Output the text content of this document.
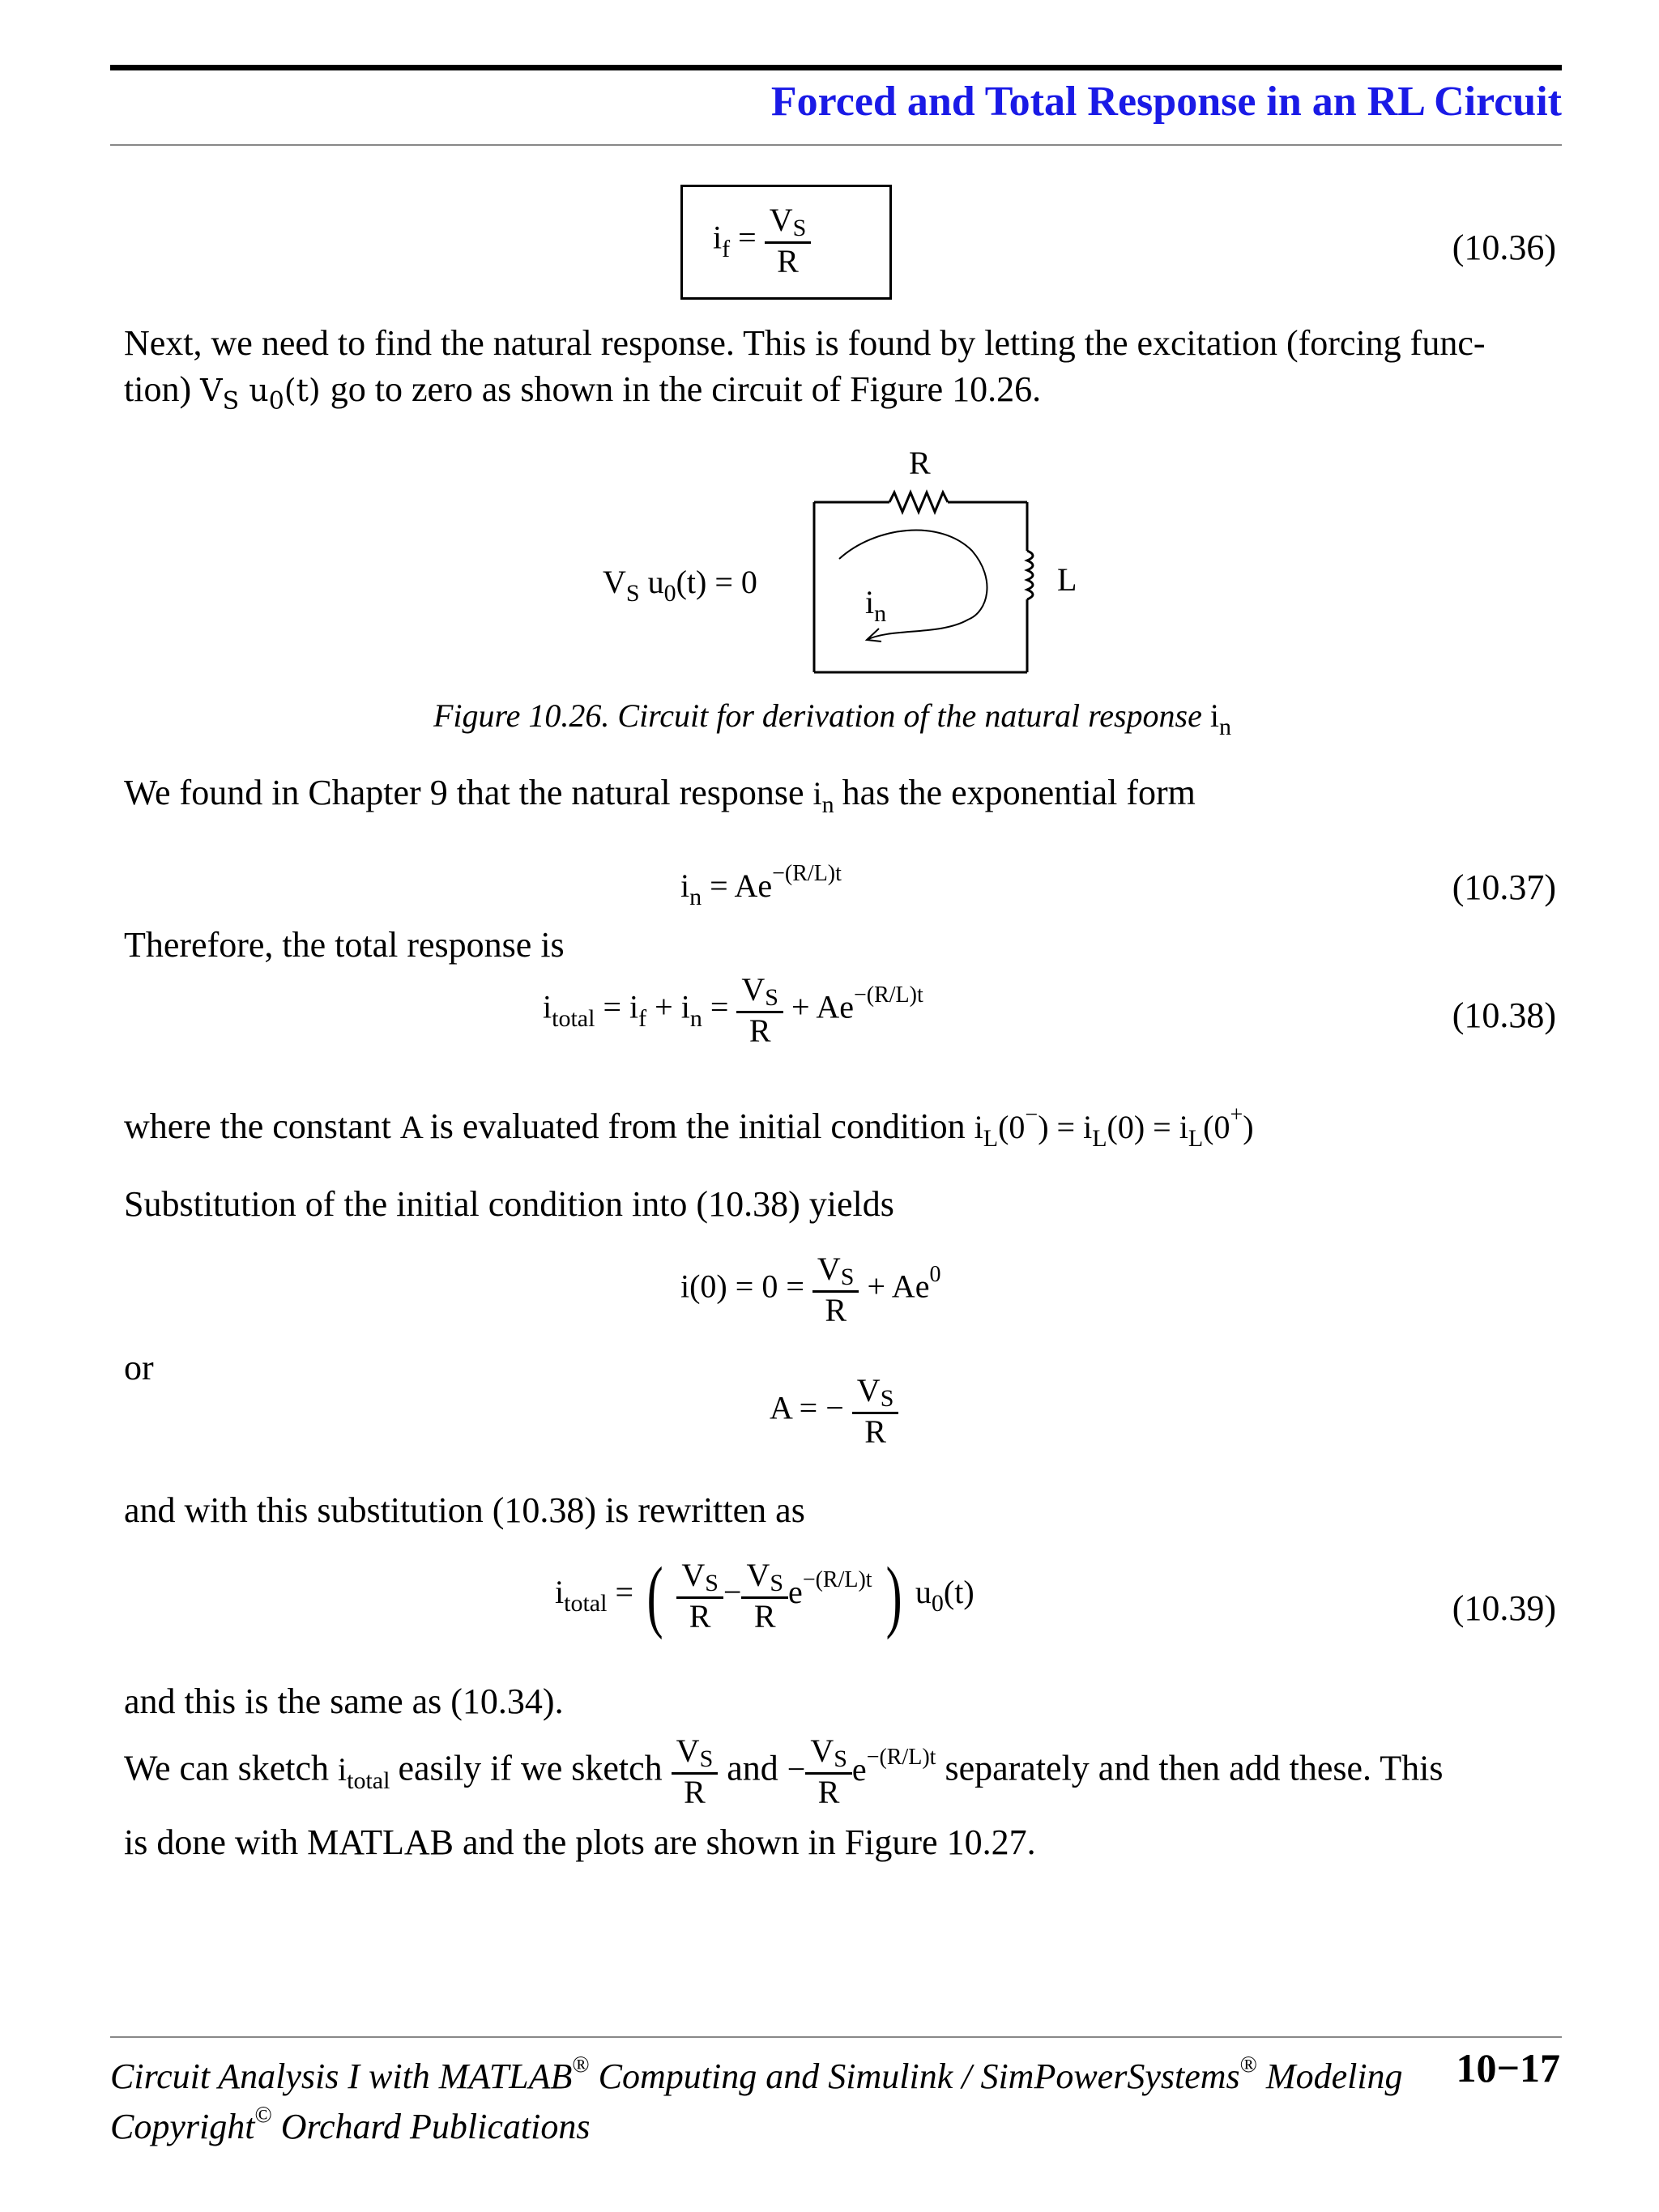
Forced and Total Response in an RL Circuit
$i_f = \frac{VS}{R}$	(10.36)
Next, we need to find the natural response. This is found by letting the excitation (forcing func-
tion) $V_S$ $u_0(t)$ go to zero as shown in the circuit of Figure 10.26.
R
L
$i_n$
$V_S$ $u_0(t) = 0$
Figure 10.26. Circuit for derivation of the natural response $i_n$
We found in Chapter 9 that the natural response $i_n$ has the exponential form
$i_n = Ae^{-(R/L)t}$	(10.37)
Therefore, the total response is
$i_{total} = i_f + i_n = \frac{VS}{R} + Ae^{-(R/L)t}$
(10.38)
where the constant A is evaluated from the initial condition $i_L(0^-) = i_L(0) = i_L(0^+)$
Substitution of the initial condition into (10.38) yields
$i(0) = 0 = \frac{VS}{R} + Ae^0$
or
A = − $\frac{VS}{R}$
and with this substitution (10.38) is rewritten as
$i_{total}$ = ( $\frac{VS}{R} - \frac{VS}{R} e^{-(R/L)t}$ ) $u_0(t)$	(10.39)
and this is the same as (10.34).
We can sketch $i_{total}$ easily if we sketch $\frac{VS}{R}$ and − $\frac{VS}{R} e^{-(R/L)t}$ separately and then add these. This
is done with MATLAB and the plots are shown in Figure 10.27.
Circuit Analysis I with MATLAB® Computing and Simulink / SimPowerSystems® Modeling 10−17
Copyright© Orchard Publications
